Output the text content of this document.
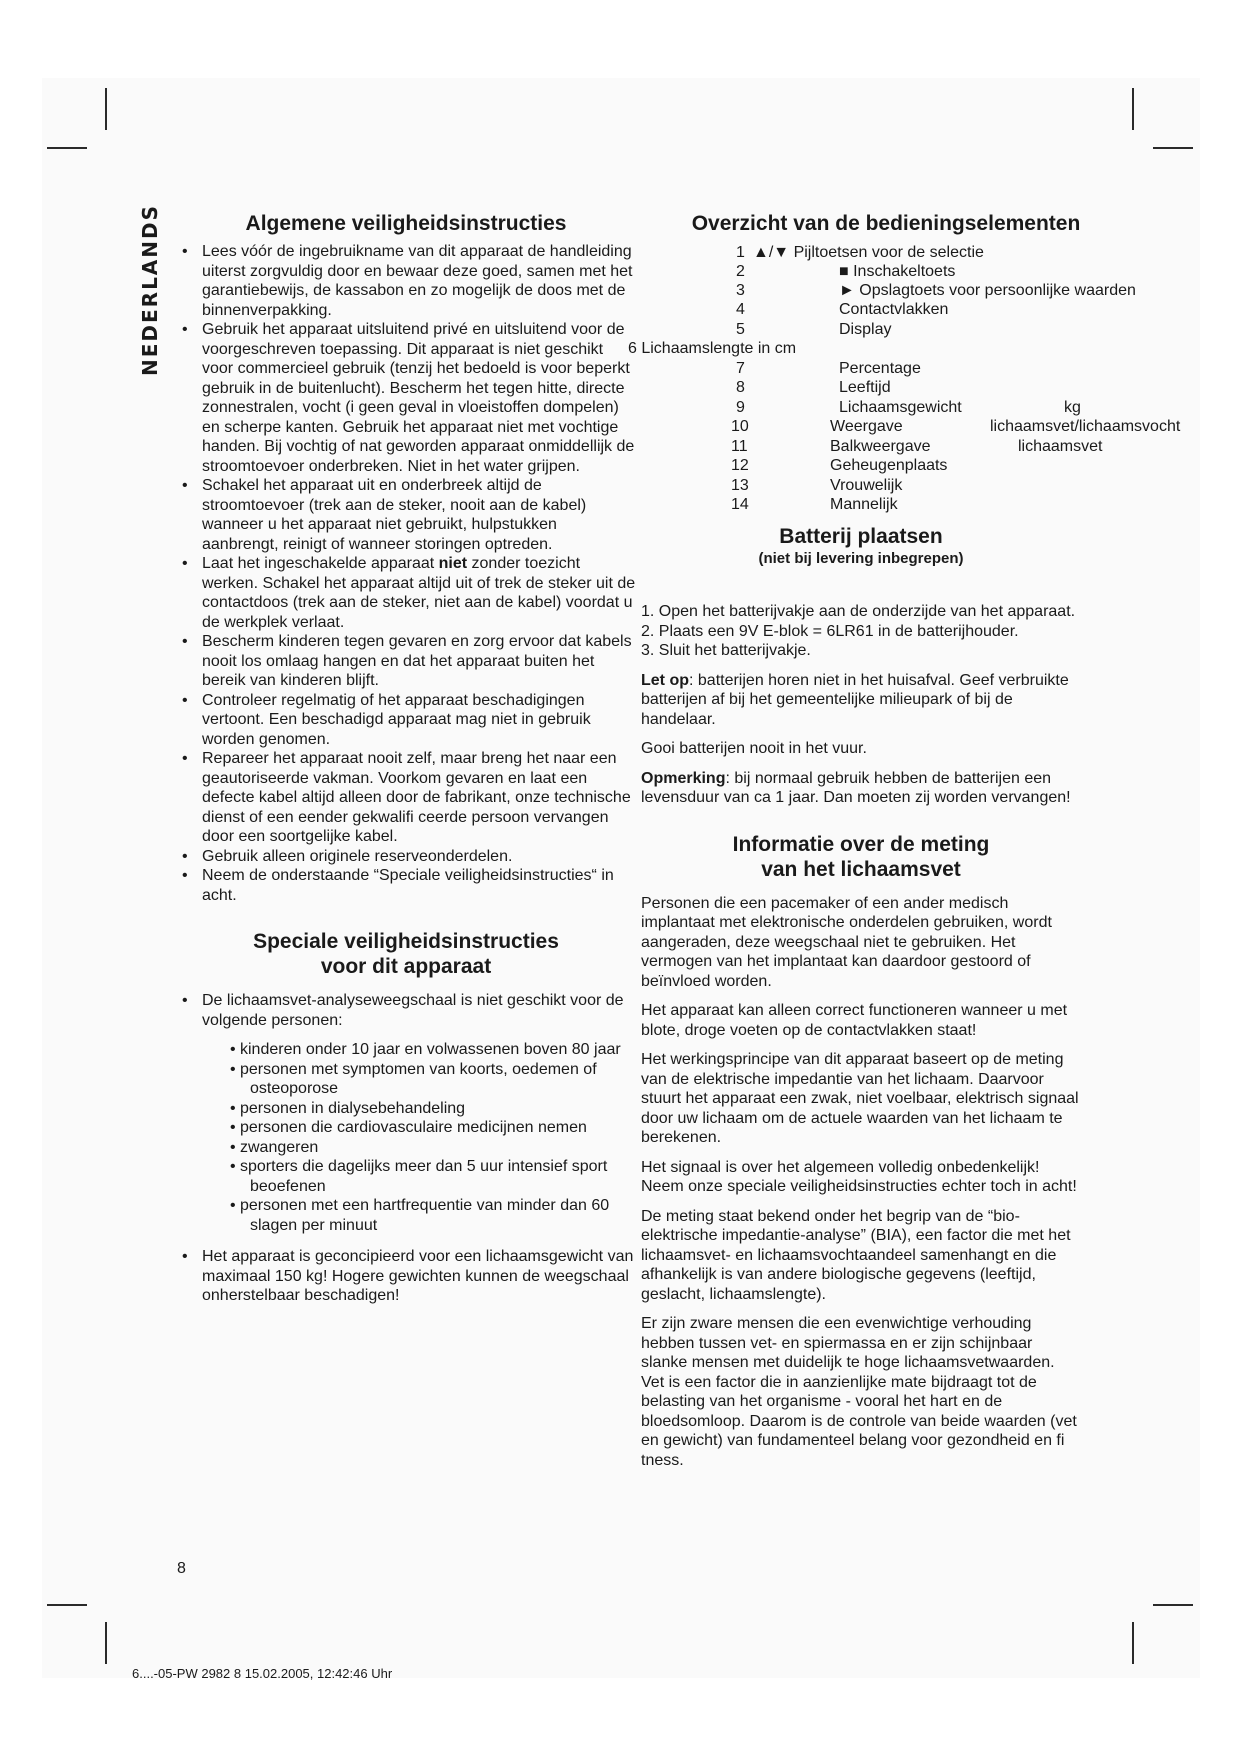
NEDERLANDS	Algemene veiligheidsinstructies
• Lees vóór de ingebruikname van dit apparaat de handleiding uiterst zorgvuldig door en bewaar deze goed, samen met het garantiebewijs, de kassabon en zo mogelijk de doos met de binnenverpakking.
• Gebruik het apparaat uitsluitend privé en uitsluitend voor de voorgeschreven toepassing. Dit apparaat is niet geschikt voor commercieel gebruik (tenzij het bedoeld is voor beperkt gebruik in de buitenlucht). Bescherm het tegen hitte, directe zonnestralen, vocht (i geen geval in vloeistoffen dompelen) en scherpe kanten. Gebruik het apparaat niet met vochtige handen. Bij vochtig of nat geworden apparaat onmiddellijk de stroomtoevoer onderbreken. Niet in het water grijpen.
• Schakel het apparaat uit en onderbreek altijd de stroomtoevoer (trek aan de steker, nooit aan de kabel) wanneer u het apparaat niet gebruikt, hulpstukken aanbrengt, reinigt of wanneer storingen optreden.
• Laat het ingeschakelde apparaat niet zonder toezicht werken. Schakel het apparaat altijd uit of trek de steker uit de contactdoos (trek aan de steker, niet aan de kabel) voordat u de werkplek verlaat.
• Bescherm kinderen tegen gevaren en zorg ervoor dat kabels nooit los omlaag hangen en dat het apparaat buiten het bereik van kinderen blijft.
• Controleer regelmatig of het apparaat beschadigingen vertoont. Een beschadigd apparaat mag niet in gebruik worden genomen.
• Repareer het apparaat nooit zelf, maar breng het naar een geautoriseerde vakman. Voorkom gevaren en laat een defecte kabel altijd alleen door de fabrikant, onze technische dienst of een eender gekwalifi ceerde persoon vervangen door een soortgelijke kabel.
• Gebruik alleen originele reserveonderdelen.
• Neem de onderstaande “Speciale veiligheidsinstructies“ in acht.
Speciale veiligheidsinstructies
voor dit apparaat
• De lichaamsvet-analyseweegschaal is niet geschikt voor de volgende personen:
• kinderen onder 10 jaar en volwassenen boven 80 jaar
• personen met symptomen van koorts, oedemen of osteoporose
• personen in dialysebehandeling
• personen die cardiovasculaire medicijnen nemen
• zwangeren
• sporters die dagelijks meer dan 5 uur intensief sport beoefenen
• personen met een hartfrequentie van minder dan 60 slagen per minuut
• Het apparaat is geconcipieerd voor een lichaamsgewicht van maximaal 150 kg! Hogere gewichten kunnen de weegschaal onherstelbaar beschadigen!
Overzicht van de bedieningselementen
1 ▲/▼ Pijltoetsen voor de selectie
2	■ Inschakeltoets
3	► Opslagtoets voor persoonlijke waarden
4	Contactvlakken
5	Display
6 Lichaamslengte in cm
7	Percentage
8	Leeftijd
9	Lichaamsgewicht	kg
10	Weergave	lichaamsvet/lichaamsvocht
11	Balkweergave	lichaamsvet
12	Geheugenplaats
13	Vrouwelijk
14	Mannelijk
Batterij plaatsen
(niet bij levering inbegrepen)
1. Open het batterijvakje aan de onderzijde van het apparaat.
2. Plaats een 9V E-blok = 6LR61 in de batterijhouder.
3. Sluit het batterijvakje.

Let op: batterijen horen niet in het huisafval. Geef verbruikte batterijen af bij het gemeentelijke milieupark of bij de handelaar.

Gooi batterijen nooit in het vuur.

Opmerking: bij normaal gebruik hebben de batterijen een levensduur van ca 1 jaar. Dan moeten zij worden vervangen!

Informatie over de meting
van het lichaamsvet

Personen die een pacemaker of een ander medisch implantaat met elektronische onderdelen gebruiken, wordt aangeraden, deze weegschaal niet te gebruiken. Het vermogen van het implantaat kan daardoor gestoord of beïnvloed worden.

Het apparaat kan alleen correct functioneren wanneer u met blote, droge voeten op de contactvlakken staat!

Het werkingsprincipe van dit apparaat baseert op de meting van de elektrische impedantie van het lichaam. Daarvoor stuurt het apparaat een zwak, niet voelbaar, elektrisch signaal door uw lichaam om de actuele waarden van het lichaam te berekenen.

Het signaal is over het algemeen volledig onbedenkelijk! Neem onze speciale veiligheidsinstructies echter toch in acht!

De meting staat bekend onder het begrip van de “bio-elektrische impedantie-analyse” (BIA), een factor die met het lichaamsvet- en lichaamsvochtaandeel samenhangt en die afhankelijk is van andere biologische gegevens (leeftijd, geslacht, lichaamslengte).

Er zijn zware mensen die een evenwichtige verhouding hebben tussen vet- en spiermassa en er zijn schijnbaar slanke mensen met duidelijk te hoge lichaamsvetwaarden. Vet is een factor die in aanzienlijke mate bijdraagt tot de belasting van het organisme - vooral het hart en de bloedsomloop. Daarom is de controle van beide waarden (vet en gewicht) van fundamenteel belang voor gezondheid en fi tness.

8
6....-05-PW 2982 8 15.02.2005, 12:42:46 Uhr
